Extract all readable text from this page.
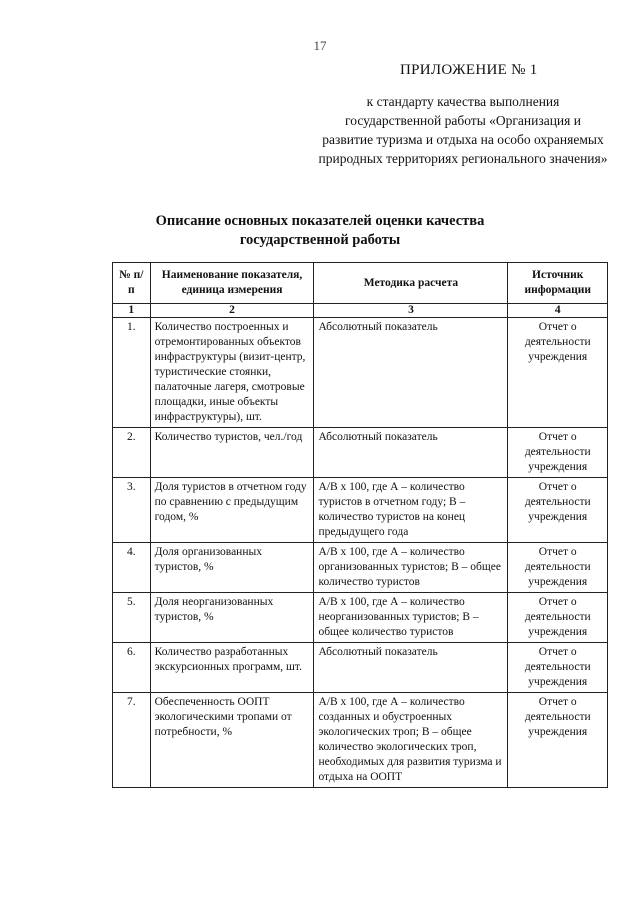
17
ПРИЛОЖЕНИЕ № 1
к стандарту качества выполнения государственной работы «Организация и развитие туризма и отдыха на особо охраняемых природных территориях регионального значения»
Описание основных показателей оценки качества государственной работы
№ п/п	Наименование показателя, единица измерения	Методика расчета	Источник информации
1	2	3	4
1.	Количество построенных и отремонтированных объектов инфраструктуры (визит-центр, туристические стоянки, палаточные лагеря, смотровые площадки, иные объекты инфраструктуры), шт.	Абсолютный показатель	Отчет о деятельности учреждения
2.	Количество туристов, чел./год	Абсолютный показатель	Отчет о деятельности учреждения
3.	Доля туристов в отчетном году по сравнению с предыдущим годом, %	А/В х 100, где А – количество туристов в отчетном году; В – количество туристов на конец предыдущего года	Отчет о деятельности учреждения
4.	Доля организованных туристов, %	А/В х 100, где А – количество организованных туристов; В – общее количество туристов	Отчет о деятельности учреждения
5.	Доля неорганизованных туристов, %	А/В х 100, где А – количество неорганизованных туристов; В – общее количество туристов	Отчет о деятельности учреждения
6.	Количество разработанных экскурсионных программ, шт.	Абсолютный показатель	Отчет о деятельности учреждения
7.	Обеспеченность ООПТ экологическими тропами от потребности, %	А/В х 100, где А – количество созданных и обустроенных экологических троп; В – общее количество экологических троп, необходимых для развития туризма и отдыха на ООПТ	Отчет о деятельности учреждения
